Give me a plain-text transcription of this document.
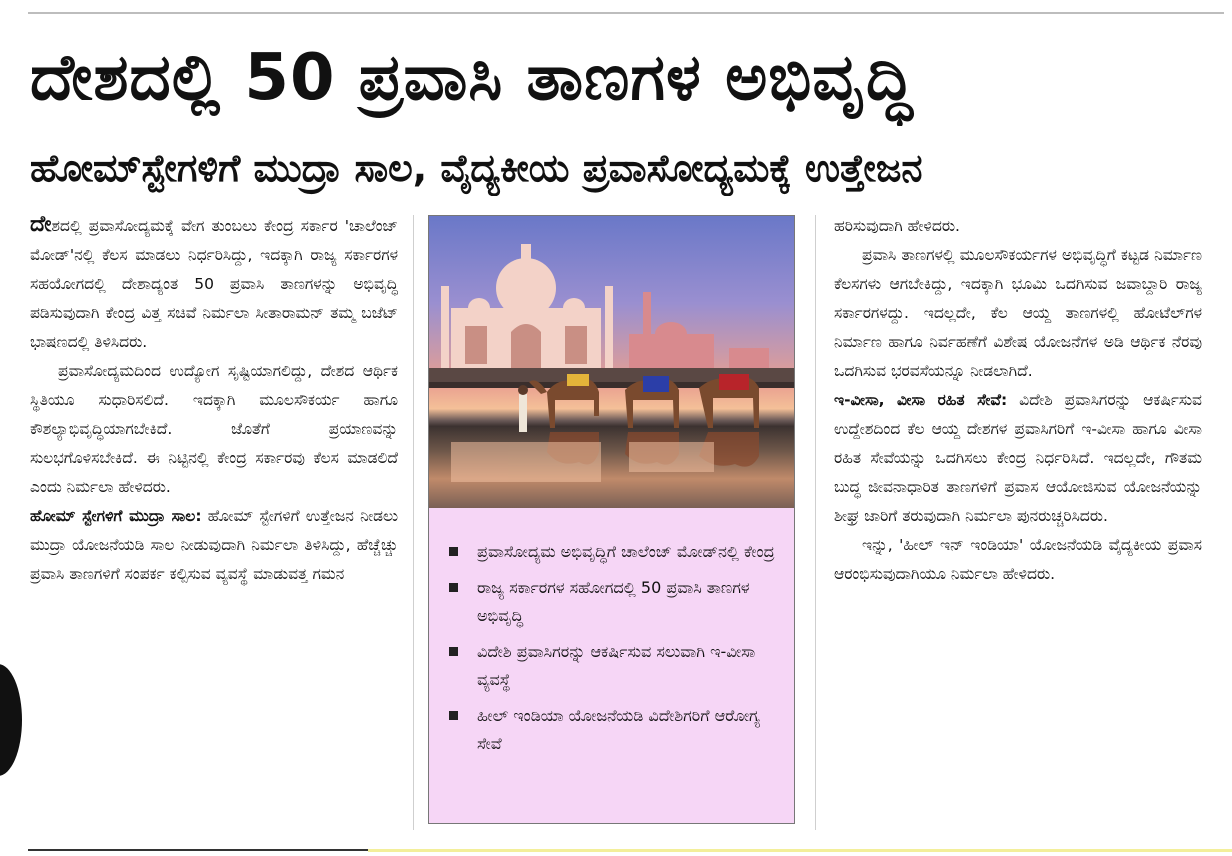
ದೇಶದಲ್ಲಿ 50 ಪ್ರವಾಸಿ ತಾಣಗಳ ಅಭಿವೃದ್ಧಿ
ಹೋಮ್‌ಸ್ಟೇಗಳಿಗೆ ಮುದ್ರಾ ಸಾಲ, ವೈದ್ಯಕೀಯ ಪ್ರವಾಸೋದ್ಯಮಕ್ಕೆ ಉತ್ತೇಜನ

ದೇಶದಲ್ಲಿ ಪ್ರವಾಸೋದ್ಯಮಕ್ಕೆ ವೇಗ ತುಂಬಲು ಕೇಂದ್ರ ಸರ್ಕಾರ 'ಚಾಲೆಂಜ್ ಮೋಡ್'ನಲ್ಲಿ ಕೆಲಸ ಮಾಡಲು ನಿರ್ಧರಿಸಿದ್ದು, ಇದಕ್ಕಾಗಿ ರಾಜ್ಯ ಸರ್ಕಾರಗಳ ಸಹಯೋಗದಲ್ಲಿ ದೇಶಾದ್ಯಂತ 50 ಪ್ರವಾಸಿ ತಾಣಗಳನ್ನು ಅಭಿವೃದ್ಧಿ ಪಡಿಸುವುದಾಗಿ ಕೇಂದ್ರ ವಿತ್ತ ಸಚಿವೆ ನಿರ್ಮಲಾ ಸೀತಾರಾಮನ್ ತಮ್ಮ ಬಜೆಟ್ ಭಾಷಣದಲ್ಲಿ ತಿಳಿಸಿದರು.

ಪ್ರವಾಸೋದ್ಯಮದಿಂದ ಉದ್ಯೋಗ ಸೃಷ್ಟಿಯಾಗಲಿದ್ದು, ದೇಶದ ಆರ್ಥಿಕ ಸ್ಥಿತಿಯೂ ಸುಧಾರಿಸಲಿದೆ. ಇದಕ್ಕಾಗಿ ಮೂಲಸೌಕರ್ಯ ಹಾಗೂ ಕೌಶಲ್ಯಾಭಿವೃದ್ಧಿಯಾಗಬೇಕಿದೆ. ಜೊತೆಗೆ ಪ್ರಯಾಣವನ್ನು ಸುಲಭಗೊಳಿಸಬೇಕಿದೆ. ಈ ನಿಟ್ಟಿನಲ್ಲಿ ಕೇಂದ್ರ ಸರ್ಕಾರವು ಕೆಲಸ ಮಾಡಲಿದೆ ಎಂದು ನಿರ್ಮಲಾ ಹೇಳಿದರು.

ಹೋಮ್ ಸ್ಟೇಗಳಿಗೆ ಮುದ್ರಾ ಸಾಲ: ಹೋಮ್ ಸ್ಟೇಗಳಿಗೆ ಉತ್ತೇಜನ ನೀಡಲು ಮುದ್ರಾ ಯೋಜನೆಯಡಿ ಸಾಲ ನೀಡುವುದಾಗಿ ನಿರ್ಮಲಾ ತಿಳಿಸಿದ್ದು, ಹೆಚ್ಚೆಚ್ಚು ಪ್ರವಾಸಿ ತಾಣಗಳಿಗೆ ಸಂಪರ್ಕ ಕಲ್ಪಿಸುವ ವ್ಯವಸ್ಥೆ ಮಾಡುವತ್ತ ಗಮನ

ಪ್ರವಾಸೋದ್ಯಮ ಅಭಿವೃದ್ಧಿಗೆ ಚಾಲೆಂಜ್ ಮೋಡ್‌ನಲ್ಲಿ ಕೇಂದ್ರ
ರಾಜ್ಯ ಸರ್ಕಾರಗಳ ಸಹೋಗದಲ್ಲಿ 50 ಪ್ರವಾಸಿ ತಾಣಗಳ ಅಭಿವೃದ್ಧಿ
ವಿದೇಶಿ ಪ್ರವಾಸಿಗರನ್ನು ಆಕರ್ಷಿಸುವ ಸಲುವಾಗಿ ಇ-ವೀಸಾ ವ್ಯವಸ್ಥೆ
ಹೀಲ್ ಇಂಡಿಯಾ ಯೋಜನೆಯಡಿ ವಿದೇಶಿಗರಿಗೆ ಆರೋಗ್ಯ ಸೇವೆ

ಹರಿಸುವುದಾಗಿ ಹೇಳಿದರು.

ಪ್ರವಾಸಿ ತಾಣಗಳಲ್ಲಿ ಮೂಲಸೌಕರ್ಯಗಳ ಅಭಿವೃದ್ಧಿಗೆ ಕಟ್ಟಡ ನಿರ್ಮಾಣ ಕೆಲಸಗಳು ಆಗಬೇಕಿದ್ದು, ಇದಕ್ಕಾಗಿ ಭೂಮಿ ಒದಗಿಸುವ ಜವಾಬ್ದಾರಿ ರಾಜ್ಯ ಸರ್ಕಾರಗಳದ್ದು. ಇದಲ್ಲದೇ, ಕೆಲ ಆಯ್ದ ತಾಣಗಳಲ್ಲಿ ಹೋಟೆಲ್‌ಗಳ ನಿರ್ಮಾಣ ಹಾಗೂ ನಿರ್ವಹಣೆಗೆ ವಿಶೇಷ ಯೋಜನೆಗಳ ಅಡಿ ಆರ್ಥಿಕ ನೆರವು ಒದಗಿಸುವ ಭರವಸೆಯನ್ನೂ ನೀಡಲಾಗಿದೆ.

ಇ-ವೀಸಾ, ವೀಸಾ ರಹಿತ ಸೇವೆ: ವಿದೇಶಿ ಪ್ರವಾಸಿಗರನ್ನು ಆಕರ್ಷಿಸುವ ಉದ್ದೇಶದಿಂದ ಕೆಲ ಆಯ್ದ ದೇಶಗಳ ಪ್ರವಾಸಿಗರಿಗೆ ಇ-ವೀಸಾ ಹಾಗೂ ವೀಸಾ ರಹಿತ ಸೇವೆಯನ್ನು ಒದಗಿಸಲು ಕೇಂದ್ರ ನಿರ್ಧರಿಸಿದೆ. ಇದಲ್ಲದೇ, ಗೌತಮ ಬುದ್ಧ ಜೀವನಾಧಾರಿತ ತಾಣಗಳಿಗೆ ಪ್ರವಾಸ ಆಯೋಜಿಸುವ ಯೋಜನೆಯನ್ನು ಶೀಘ್ರ ಜಾರಿಗೆ ತರುವುದಾಗಿ ನಿರ್ಮಲಾ ಪುನರುಚ್ಚರಿಸಿದರು.

ಇನ್ನು, 'ಹೀಲ್ ಇನ್ ಇಂಡಿಯಾ' ಯೋಜನೆಯಡಿ ವೈದ್ಯಕೀಯ ಪ್ರವಾಸ ಆರಂಭಿಸುವುದಾಗಿಯೂ ನಿರ್ಮಲಾ ಹೇಳಿದರು.
